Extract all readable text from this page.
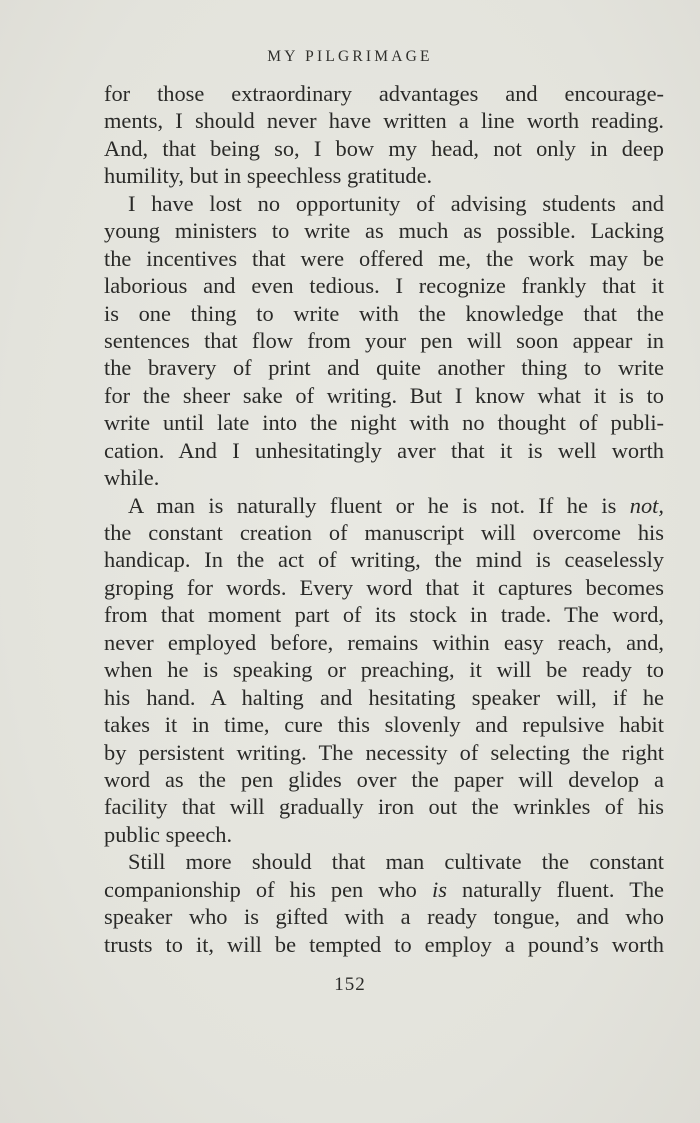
MY PILGRIMAGE
for those extraordinary advantages and encourage-
ments, I should never have written a line worth reading.
And, that being so, I bow my head, not only in deep
humility, but in speechless gratitude.
I have lost no opportunity of advising students and
young ministers to write as much as possible. Lacking
the incentives that were offered me, the work may be
laborious and even tedious. I recognize frankly that it
is one thing to write with the knowledge that the
sentences that flow from your pen will soon appear in
the bravery of print and quite another thing to write
for the sheer sake of writing. But I know what it is to
write until late into the night with no thought of publi-
cation. And I unhesitatingly aver that it is well worth
while.
A man is naturally fluent or he is not. If he is not,
the constant creation of manuscript will overcome his
handicap. In the act of writing, the mind is ceaselessly
groping for words. Every word that it captures becomes
from that moment part of its stock in trade. The word,
never employed before, remains within easy reach, and,
when he is speaking or preaching, it will be ready to
his hand. A halting and hesitating speaker will, if he
takes it in time, cure this slovenly and repulsive habit
by persistent writing. The necessity of selecting the right
word as the pen glides over the paper will develop a
facility that will gradually iron out the wrinkles of his
public speech.
Still more should that man cultivate the constant
companionship of his pen who is naturally fluent. The
speaker who is gifted with a ready tongue, and who
trusts to it, will be tempted to employ a pound’s worth
152
